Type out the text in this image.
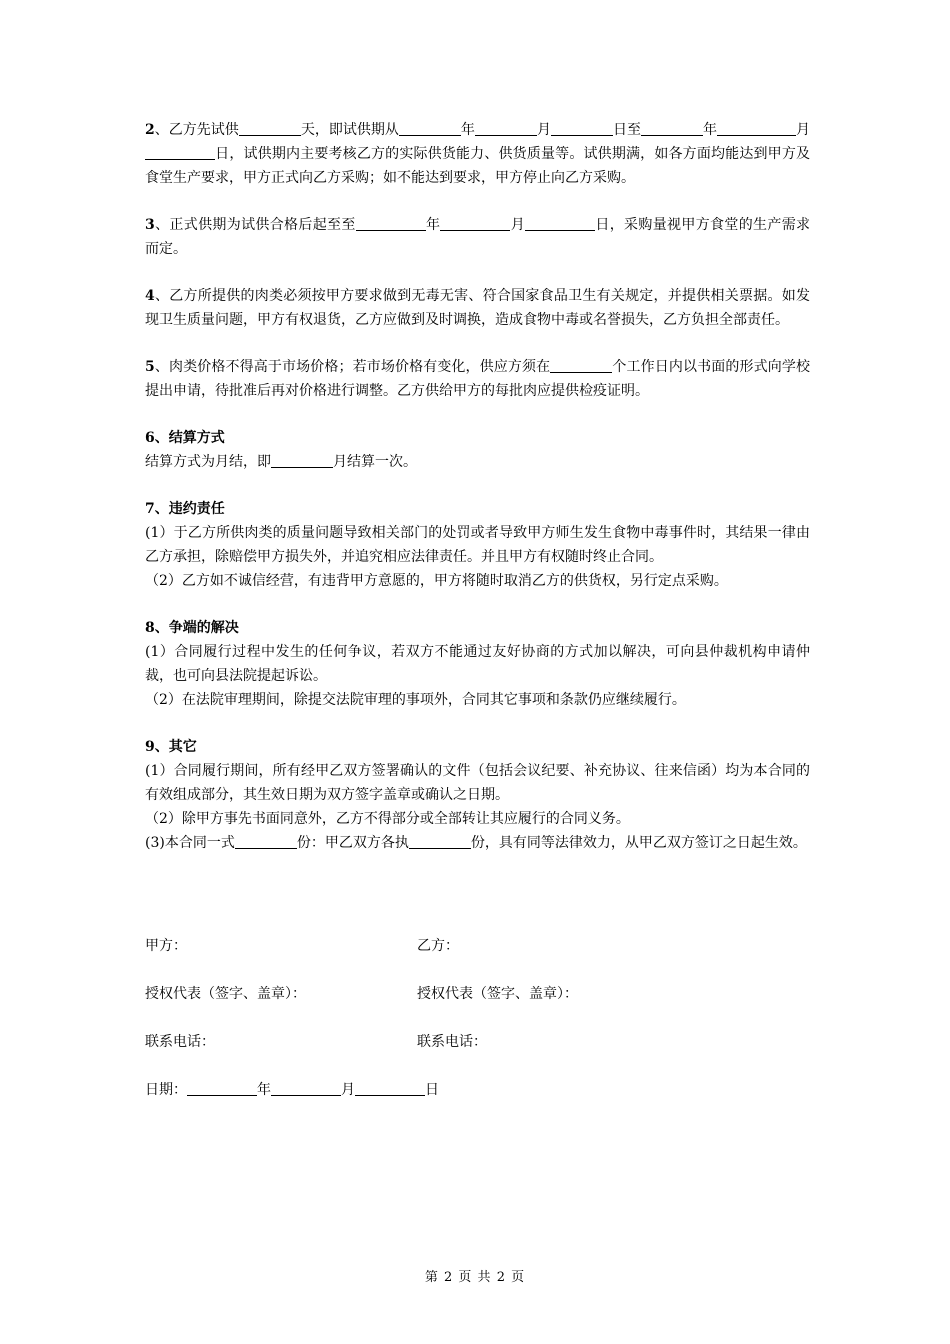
2、乙方先试供	天，即试供期从	年	月	日至	年	月日，试供期内主要考核乙方的实际供货能力、供货质量等。试供期满，如各方面均能达到甲方及食堂生产要求，甲方正式向乙方采购；如不能达到要求，甲方停止向乙方采购。

3、正式供期为试供合格后起至至	年	月	日，采购量视甲方食堂的生产需求而定。

4、乙方所提供的肉类必须按甲方要求做到无毒无害、符合国家食品卫生有关规定，并提供相关票据。如发现卫生质量问题，甲方有权退货，乙方应做到及时调换，造成食物中毒或名誉损失，乙方负担全部责任。

5、肉类价格不得高于市场价格；若市场价格有变化，供应方须在	个工作日内以书面的形式向学校提出申请，待批准后再对价格进行调整。乙方供给甲方的每批肉应提供检疫证明。

6、结算方式

结算方式为月结，即	月结算一次。

7、违约责任

(1）于乙方所供肉类的质量问题导致相关部门的处罚或者导致甲方师生发生食物中毒事件时，其结果一律由乙方承担，除赔偿甲方损失外，并追究相应法律责任。并且甲方有权随时终止合同。

（2）乙方如不诚信经营，有违背甲方意愿的，甲方将随时取消乙方的供货权，另行定点采购。

8、争端的解决

(1）合同履行过程中发生的任何争议，若双方不能通过友好协商的方式加以解决，可向县仲裁机构申请仲裁，也可向县法院提起诉讼。

（2）在法院审理期间，除提交法院审理的事项外，合同其它事项和条款仍应继续履行。

9、其它

(1）合同履行期间，所有经甲乙双方签署确认的文件（包括会议纪要、补充协议、往来信函）均为本合同的有效组成部分，其生效日期为双方签字盖章或确认之日期。

（2）除甲方事先书面同意外，乙方不得部分或全部转让其应履行的合同义务。

(3)本合同一式	份：甲乙双方各执	份，具有同等法律效力，从甲乙双方签订之日起生效。

甲方：	乙方：
授权代表（签字、盖章）：	授权代表（签字、盖章）：
联系电话：	联系电话：
日期：	年	月	日
第 2 页 共 2 页
